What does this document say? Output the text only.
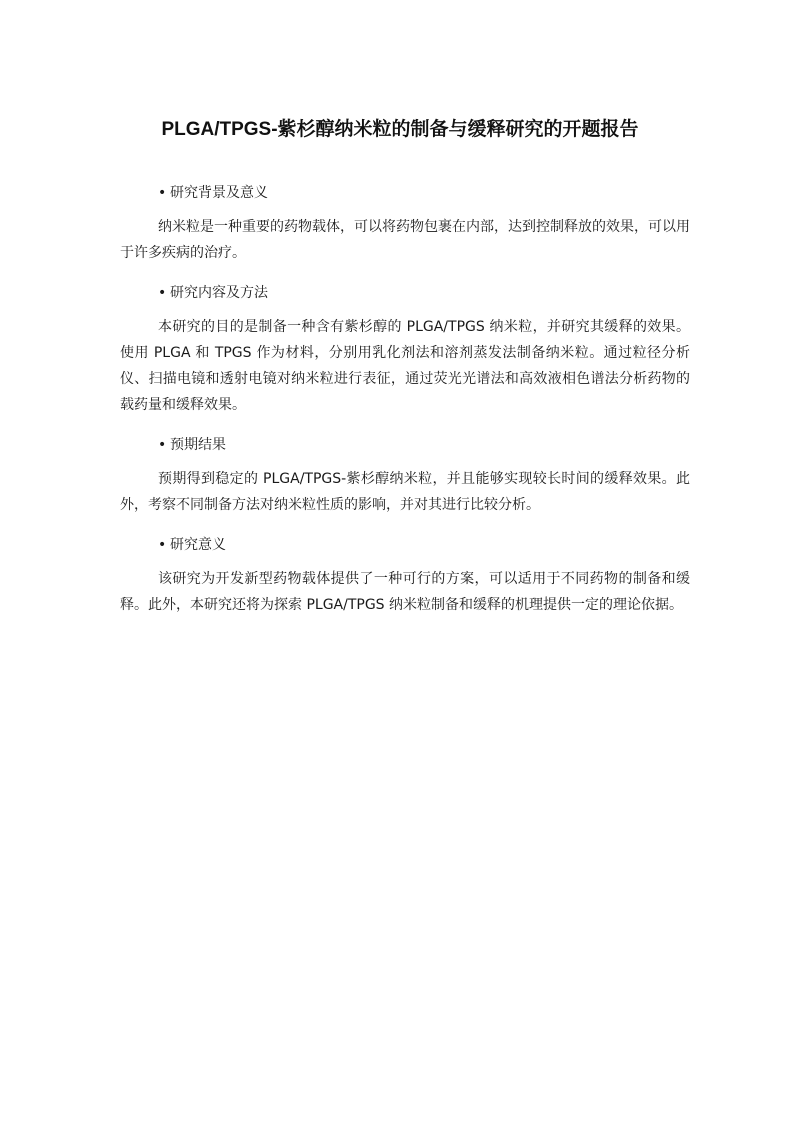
PLGA/TPGS-紫杉醇纳米粒的制备与缓释研究的开题报告
• 研究背景及意义

纳米粒是一种重要的药物载体，可以将药物包裹在内部，达到控制释放的效果，可以用于许多疾病的治疗。

• 研究内容及方法

本研究的目的是制备一种含有紫杉醇的 PLGA/TPGS 纳米粒，并研究其缓释的效果。使用 PLGA 和 TPGS 作为材料，分别用乳化剂法和溶剂蒸发法制备纳米粒。通过粒径分析仪、扫描电镜和透射电镜对纳米粒进行表征，通过荧光光谱法和高效液相色谱法分析药物的载药量和缓释效果。

• 预期结果

预期得到稳定的 PLGA/TPGS-紫杉醇纳米粒，并且能够实现较长时间的缓释效果。此外，考察不同制备方法对纳米粒性质的影响，并对其进行比较分析。

• 研究意义

该研究为开发新型药物载体提供了一种可行的方案，可以适用于不同药物的制备和缓释。此外，本研究还将为探索 PLGA/TPGS 纳米粒制备和缓释的机理提供一定的理论依据。
